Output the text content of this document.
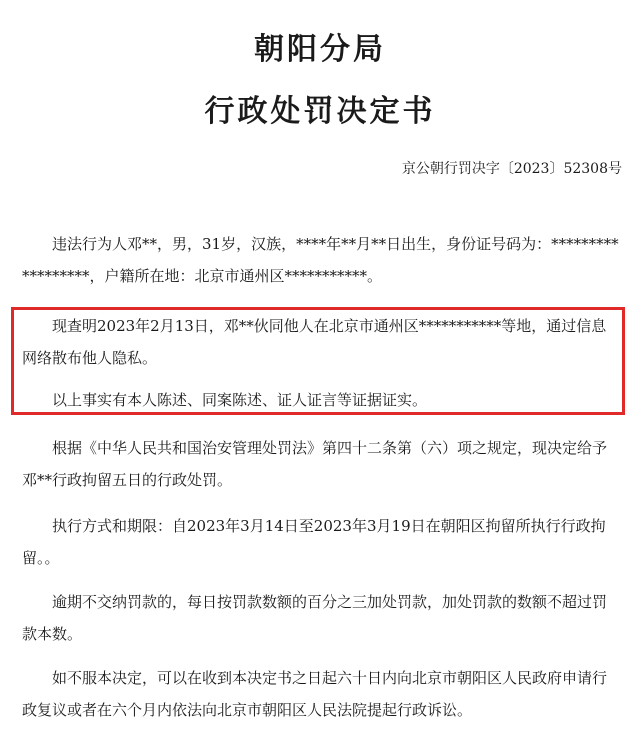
朝阳分局
行政处罚决定书
京公朝行罚决字〔2023〕52308号

违法行为人邓**，男，31岁，汉族，****年**月**日出生，身份证号码为：******************，户籍所在地：北京市通州区***********。

现查明2023年2月13日，邓**伙同他人在北京市通州区***********等地，通过信息网络散布他人隐私。

以上事实有本人陈述、同案陈述、证人证言等证据证实。

根据《中华人民共和国治安管理处罚法》第四十二条第（六）项之规定，现决定给予邓**行政拘留五日的行政处罚。

执行方式和期限：自2023年3月14日至2023年3月19日在朝阳区拘留所执行行政拘留。。

逾期不交纳罚款的，每日按罚款数额的百分之三加处罚款，加处罚款的数额不超过罚款本数。

如不服本决定，可以在收到本决定书之日起六十日内向北京市朝阳区人民政府申请行政复议或者在六个月内依法向北京市朝阳区人民法院提起行政诉讼。
